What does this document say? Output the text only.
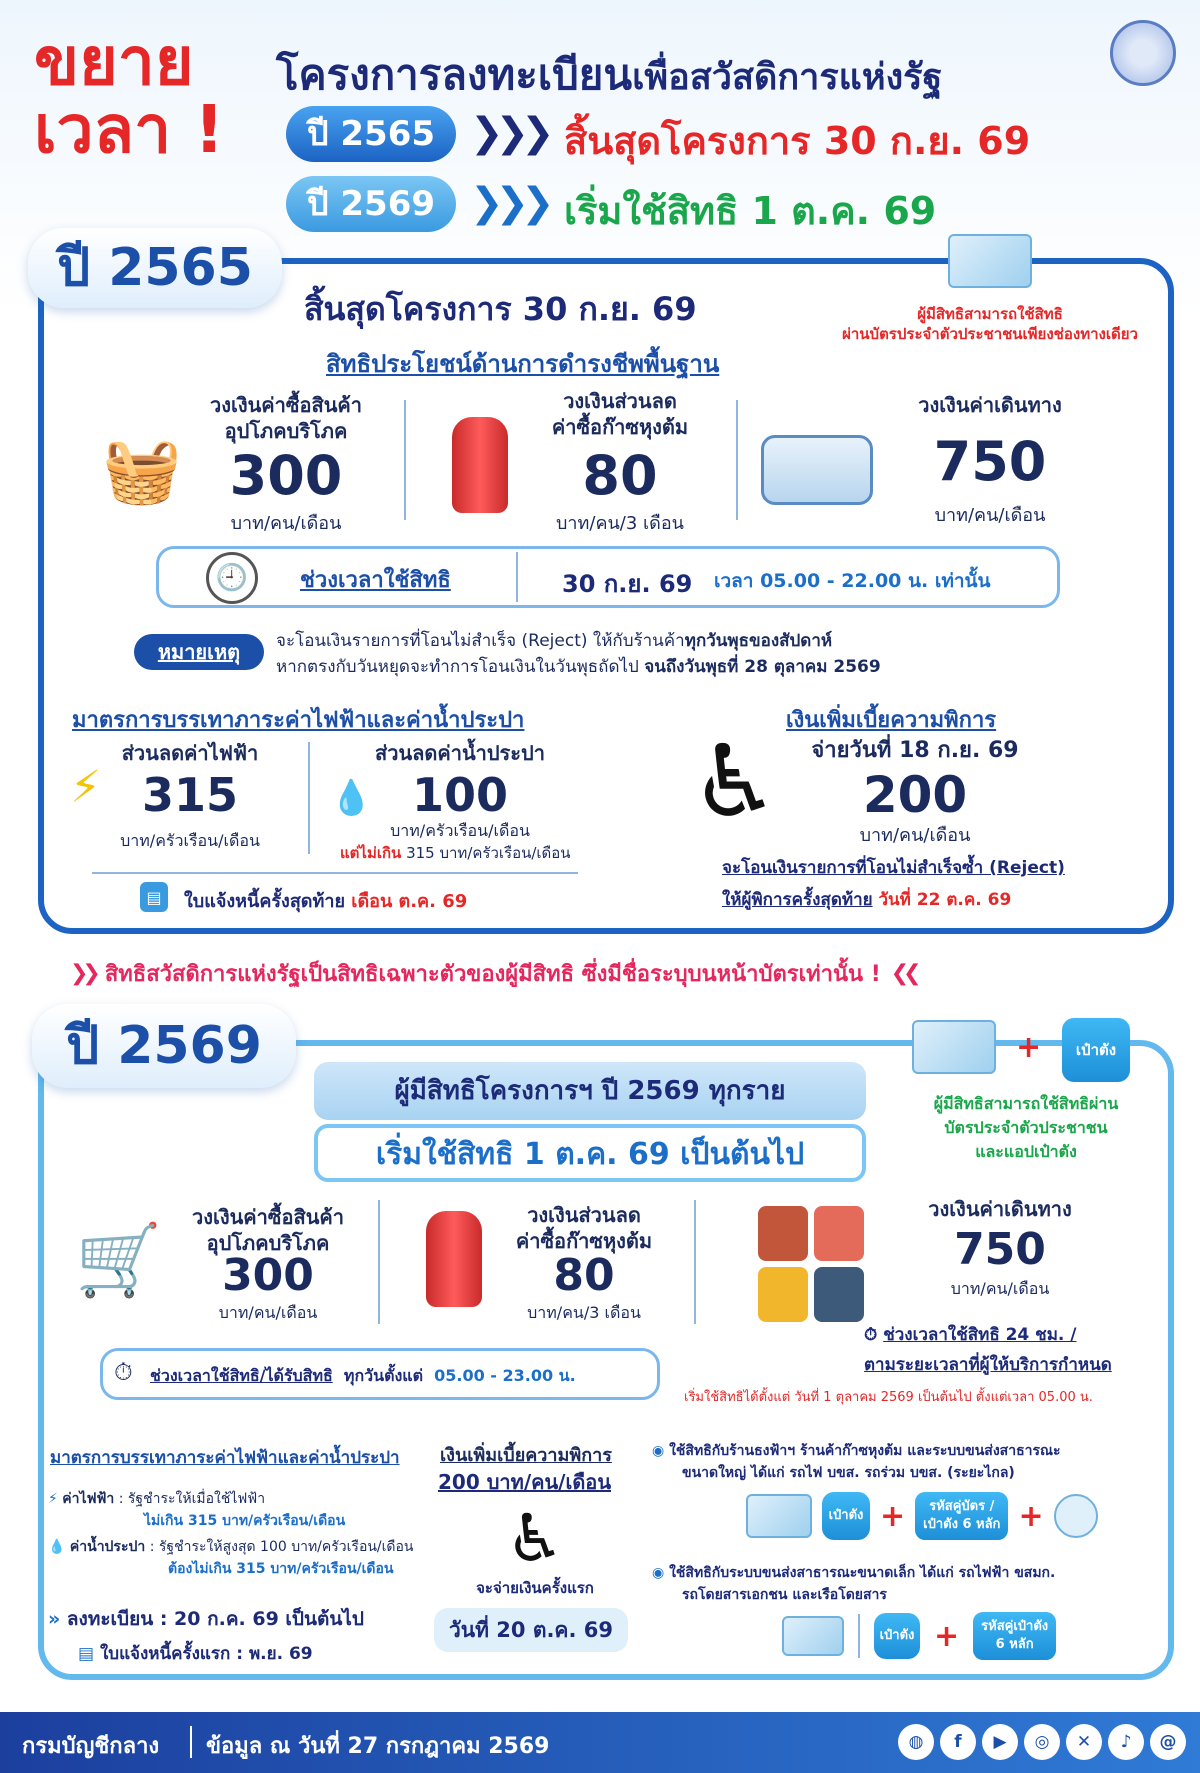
ขยาย
เวลา !
โครงการลงทะเบียนเพื่อสวัสดิการแห่งรัฐ
ปี 2565 ❯❯❯ สิ้นสุดโครงการ 30 ก.ย. 69
ปี 2569 ❯❯❯ เริ่มใช้สิทธิ 1 ต.ค. 69
ปี 2565
สิ้นสุดโครงการ 30 ก.ย. 69	ผู้มีสิทธิสามารถใช้สิทธิ
ผ่านบัตรประจำตัวประชาชนเพียงช่องทางเดียว
สิทธิประโยชน์ด้านการดำรงชีพพื้นฐาน
🧺
วงเงินค่าซื้อสินค้า
อุปโภคบริโภค
300
บาท/คน/เดือน
วงเงินส่วนลด
ค่าซื้อก๊าซหุงต้ม
80
บาท/คน/3 เดือน
วงเงินค่าเดินทาง
750
บาท/คน/เดือน
🕘	ช่วงเวลาใช้สิทธิ	30 ก.ย. 69 เวลา 05.00 - 22.00 น. เท่านั้น
หมายเหตุ	จะโอนเงินรายการที่โอนไม่สำเร็จ (Reject) ให้กับร้านค้าทุกวันพุธของสัปดาห์
หากตรงกับวันหยุดจะทำการโอนเงินในวันพุธถัดไป จนถึงวันพุธที่ 28 ตุลาคม 2569
มาตรการบรรเทาภาระค่าไฟฟ้าและค่าน้ำประปา
ส่วนลดค่าไฟฟ้า
⚡ 315
บาท/ครัวเรือน/เดือน
ส่วนลดค่าน้ำประปา
💧 100
บาท/ครัวเรือน/เดือน
แต่ไม่เกิน 315 บาท/ครัวเรือน/เดือน
▤	ใบแจ้งหนี้ครั้งสุดท้าย เดือน ต.ค. 69
เงินเพิ่มเบี้ยความพิการ
♿	จ่ายวันที่ 18 ก.ย. 69
200
บาท/คน/เดือน
จะโอนเงินรายการที่โอนไม่สำเร็จซ้ำ (Reject)
ให้ผู้พิการครั้งสุดท้าย วันที่ 22 ต.ค. 69
❯❯ สิทธิสวัสดิการแห่งรัฐเป็นสิทธิเฉพาะตัวของผู้มีสิทธิ ซึ่งมีชื่อระบุบนหน้าบัตรเท่านั้น ! ❮❮
ปี 2569
ผู้มีสิทธิโครงการฯ ปี 2569 ทุกราย
เริ่มใช้สิทธิ 1 ต.ค. 69 เป็นต้นไป
+	เป๋าตัง
ผู้มีสิทธิสามารถใช้สิทธิผ่าน
บัตรประจำตัวประชาชน
และแอปเป๋าตัง
🛒
วงเงินค่าซื้อสินค้า
อุปโภคบริโภค
300
บาท/คน/เดือน
วงเงินส่วนลด
ค่าซื้อก๊าซหุงต้ม
80
บาท/คน/3 เดือน
วงเงินค่าเดินทาง
750
บาท/คน/เดือน
⏱ ช่วงเวลาใช้สิทธิ 24 ชม. /
ตามระยะเวลาที่ผู้ให้บริการกำหนด
เริ่มใช้สิทธิได้ตั้งแต่ วันที่ 1 ตุลาคม 2569 เป็นต้นไป ตั้งแต่เวลา 05.00 น.
⏱ ช่วงเวลาใช้สิทธิ/ได้รับสิทธิ ทุกวันตั้งแต่ 05.00 - 23.00 น.
มาตรการบรรเทาภาระค่าไฟฟ้าและค่าน้ำประปา
⚡ ค่าไฟฟ้า : รัฐชำระให้เมื่อใช้ไฟฟ้า
ไม่เกิน 315 บาท/ครัวเรือน/เดือน
💧 ค่าน้ำประปา : รัฐชำระให้สูงสุด 100 บาท/ครัวเรือน/เดือน
ต้องไม่เกิน 315 บาท/ครัวเรือน/เดือน
» ลงทะเบียน : 20 ก.ค. 69 เป็นต้นไป
▤ ใบแจ้งหนี้ครั้งแรก : พ.ย. 69
เงินเพิ่มเบี้ยความพิการ
200 บาท/คน/เดือน
♿
จะจ่ายเงินครั้งแรก
วันที่ 20 ต.ค. 69
◉ ใช้สิทธิกับร้านธงฟ้าฯ ร้านค้าก๊าซหุงต้ม และระบบขนส่งสาธารณะ
ขนาดใหญ่ ได้แก่ รถไฟ บขส. รถร่วม บขส. (ระยะไกล)
เป๋าตัง +	รหัสคู่บัตร /
เป๋าตัง 6 หลัก +
◉ ใช้สิทธิกับระบบขนส่งสาธารณะขนาดเล็ก ได้แก่ รถไฟฟ้า ขสมก.
รถโดยสารเอกชน และเรือโดยสาร
เป๋าตัง + รหัสคู่เป๋าตัง
6 หลัก
กรมบัญชีกลาง ข้อมูล ณ วันที่ 27 กรกฎาคม 2569	◍ f ▶ ◎ ✕ ♪ @
